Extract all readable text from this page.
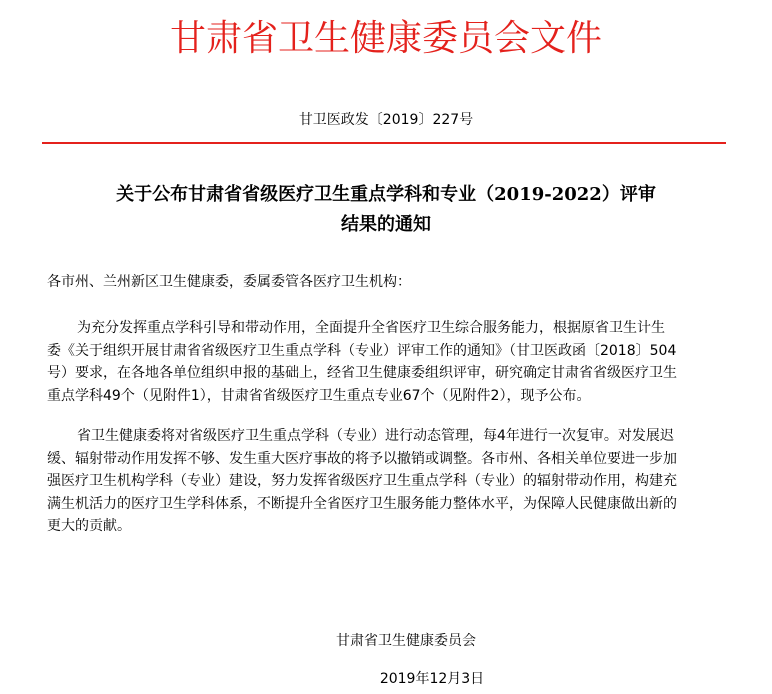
甘肃省卫生健康委员会文件
甘卫医政发〔2019〕227号
关于公布甘肃省省级医疗卫生重点学科和专业（2019-2022）评审
结果的通知
各市州、兰州新区卫生健康委，委属委管各医疗卫生机构：
为充分发挥重点学科引导和带动作用，全面提升全省医疗卫生综合服务能力，根据原省卫生计生
委《关于组织开展甘肃省省级医疗卫生重点学科（专业）评审工作的通知》（甘卫医政函〔2018〕504
号）要求，在各地各单位组织申报的基础上，经省卫生健康委组织评审，研究确定甘肃省省级医疗卫生
重点学科49个（见附件1），甘肃省省级医疗卫生重点专业67个（见附件2），现予公布。
省卫生健康委将对省级医疗卫生重点学科（专业）进行动态管理，每4年进行一次复审。对发展迟
缓、辐射带动作用发挥不够、发生重大医疗事故的将予以撤销或调整。各市州、各相关单位要进一步加
强医疗卫生机构学科（专业）建设，努力发挥省级医疗卫生重点学科（专业）的辐射带动作用，构建充
满生机活力的医疗卫生学科体系，不断提升全省医疗卫生服务能力整体水平，为保障人民健康做出新的
更大的贡献。
甘肃省卫生健康委员会
2019年12月3日
